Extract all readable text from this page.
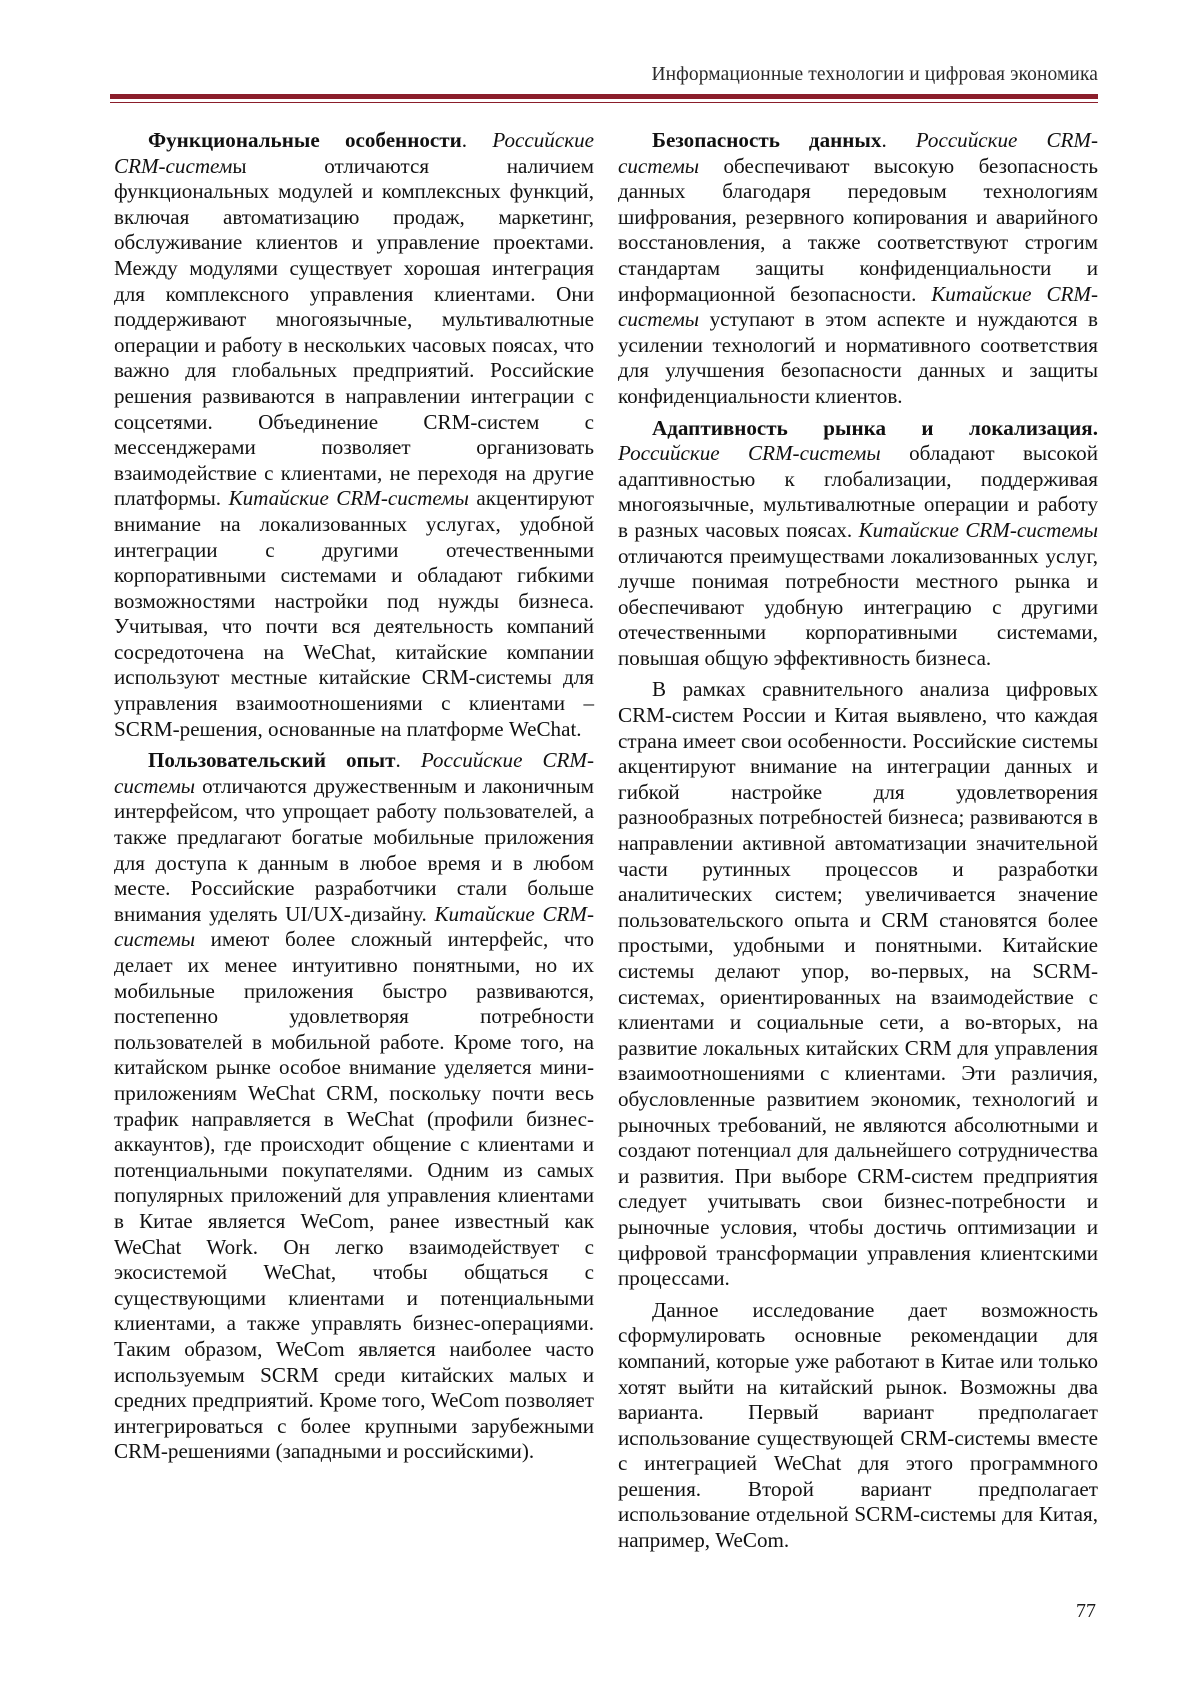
Информационные технологии и цифровая экономика

Функциональные особенности. Российские CRM-системы отличаются наличием функциональных модулей и комплексных функций, включая автоматизацию продаж, маркетинг, обслуживание клиентов и управление проектами. Между модулями существует хорошая интеграция для комплексного управления клиентами. Они поддерживают многоязычные, мультивалютные операции и работу в нескольких часовых поясах, что важно для глобальных предприятий. Российские решения развиваются в направлении интеграции с соцсетями. Объединение CRM-систем с мессенджерами позволяет организовать взаимодействие с клиентами, не переходя на другие платформы. Китайские CRM-системы акцентируют внимание на локализованных услугах, удобной интеграции с другими отечественными корпоративными системами и обладают гибкими возможностями настройки под нужды бизнеса. Учитывая, что почти вся деятельность компаний сосредоточена на WeChat, китайские компании используют местные китайские CRM-системы для управления взаимоотношениями с клиентами – SCRM-решения, основанные на платформе WeChat.

Пользовательский опыт. Российские CRM-системы отличаются дружественным и лаконичным интерфейсом, что упрощает работу пользователей, а также предлагают богатые мобильные приложения для доступа к данным в любое время и в любом месте. Российские разработчики стали больше внимания уделять UI/UX-дизайну. Китайские CRM-системы имеют более сложный интерфейс, что делает их менее интуитивно понятными, но их мобильные приложения быстро развиваются, постепенно удовлетворяя потребности пользователей в мобильной работе. Кроме того, на китайском рынке особое внимание уделяется мини-приложениям WeChat CRM, поскольку почти весь трафик направляется в WeChat (профили бизнес-аккаунтов), где происходит общение с клиентами и потенциальными покупателями. Одним из самых популярных приложений для управления клиентами в Китае является WeCom, ранее известный как WeChat Work. Он легко взаимодействует с экосистемой WeChat, чтобы общаться с существующими клиентами и потенциальными клиентами, а также управлять бизнес-операциями. Таким образом, WeCom является наиболее часто используемым SCRM среди китайских малых и средних предприятий. Кроме того, WeCom позволяет интегрироваться с более крупными зарубежными CRM-решениями (западными и российскими).

Безопасность данных. Российские CRM-системы обеспечивают высокую безопасность данных благодаря передовым технологиям шифрования, резервного копирования и аварийного восстановления, а также соответствуют строгим стандартам защиты конфиденциальности и информационной безопасности. Китайские CRM-системы уступают в этом аспекте и нуждаются в усилении технологий и нормативного соответствия для улучшения безопасности данных и защиты конфиденциальности клиентов.

Адаптивность рынка и локализация. Российские CRM-системы обладают высокой адаптивностью к глобализации, поддерживая многоязычные, мультивалютные операции и работу в разных часовых поясах. Китайские CRM-системы отличаются преимуществами локализованных услуг, лучше понимая потребности местного рынка и обеспечивают удобную интеграцию с другими отечественными корпоративными системами, повышая общую эффективность бизнеса.

В рамках сравнительного анализа цифровых CRM-систем России и Китая выявлено, что каждая страна имеет свои особенности. Российские системы акцентируют внимание на интеграции данных и гибкой настройке для удовлетворения разнообразных потребностей бизнеса; развиваются в направлении активной автоматизации значительной части рутинных процессов и разработки аналитических систем; увеличивается значение пользовательского опыта и CRM становятся более простыми, удобными и понятными. Китайские системы делают упор, во-первых, на SCRM-системах, ориентированных на взаимодействие с клиентами и социальные сети, а во-вторых, на развитие локальных китайских CRM для управления взаимоотношениями с клиентами. Эти различия, обусловленные развитием экономик, технологий и рыночных требований, не являются абсолютными и создают потенциал для дальнейшего сотрудничества и развития. При выборе CRM-систем предприятия следует учитывать свои бизнес-потребности и рыночные условия, чтобы достичь оптимизации и цифровой трансформации управления клиентскими процессами.

Данное исследование дает возможность сформулировать основные рекомендации для компаний, которые уже работают в Китае или только хотят выйти на китайский рынок. Возможны два варианта. Первый вариант предполагает использование существующей CRM-системы вместе с интеграцией WeChat для этого программного решения. Второй вариант предполагает использование отдельной SCRM-системы для Китая, например, WeCom.

77
